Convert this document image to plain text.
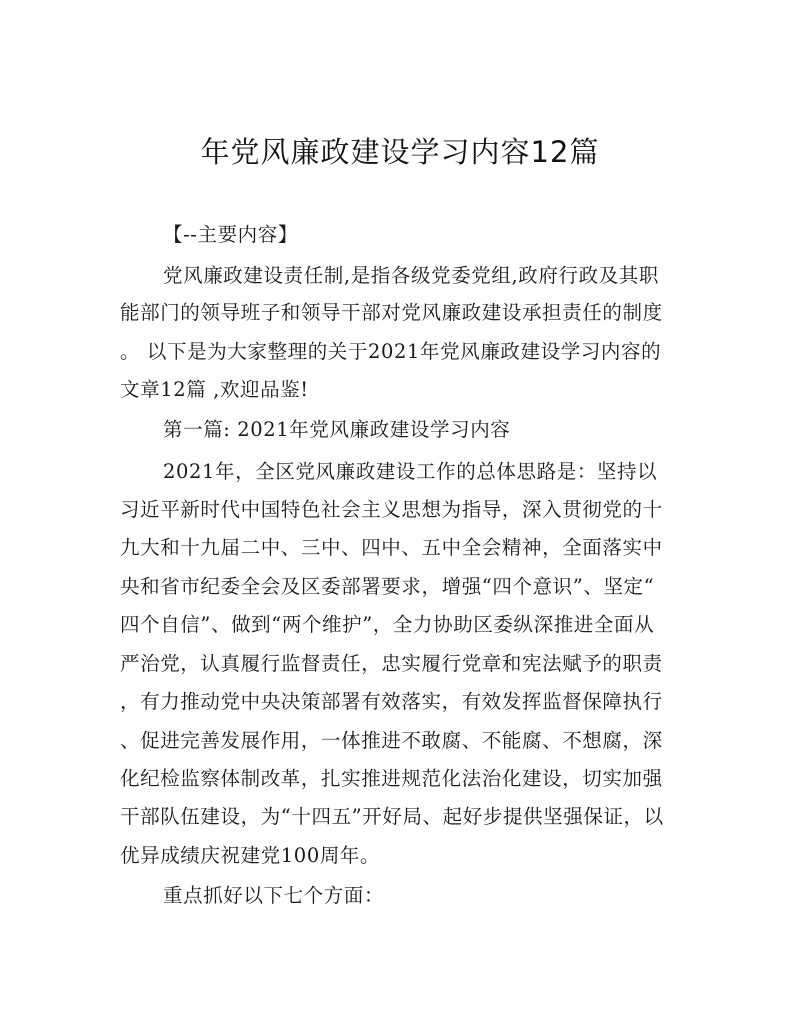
年党风廉政建设学习内容12篇
【--主要内容】
党风廉政建设责任制,是指各级党委党组,政府行政及其职
能部门的领导班子和领导干部对党风廉政建设承担责任的制度
。 以下是为大家整理的关于2021年党风廉政建设学习内容的
文章12篇 ,欢迎品鉴!
第一篇: 2021年党风廉政建设学习内容
2021年，全区党风廉政建设工作的总体思路是：坚持以
习近平新时代中国特色社会主义思想为指导，深入贯彻党的十
九大和十九届二中、三中、四中、五中全会精神，全面落实中
央和省市纪委全会及区委部署要求，增强“四个意识”、坚定“
四个自信”、做到“两个维护”，全力协助区委纵深推进全面从
严治党，认真履行监督责任，忠实履行党章和宪法赋予的职责
，有力推动党中央决策部署有效落实，有效发挥监督保障执行
、促进完善发展作用，一体推进不敢腐、不能腐、不想腐，深
化纪检监察体制改革，扎实推进规范化法治化建设，切实加强
干部队伍建设，为“十四五”开好局、起好步提供坚强保证，以
优异成绩庆祝建党100周年。
重点抓好以下七个方面：
